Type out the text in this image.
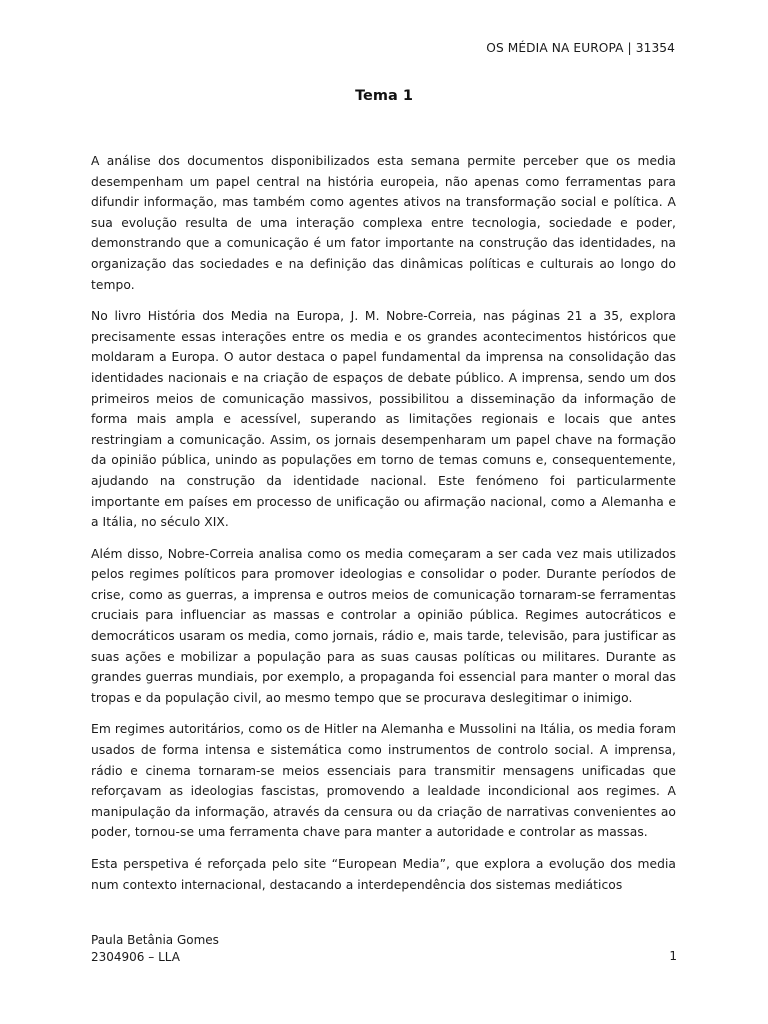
OS MÉDIA NA EUROPA | 31354
Tema 1

A análise dos documentos disponibilizados esta semana permite perceber que os media desempenham um papel central na história europeia, não apenas como ferramentas para difundir informação, mas também como agentes ativos na transformação social e política. A sua evolução resulta de uma interação complexa entre tecnologia, sociedade e poder, demonstrando que a comunicação é um fator importante na construção das identidades, na organização das sociedades e na definição das dinâmicas políticas e culturais ao longo do tempo.

No livro História dos Media na Europa, J. M. Nobre-Correia, nas páginas 21 a 35, explora precisamente essas interações entre os media e os grandes acontecimentos históricos que moldaram a Europa. O autor destaca o papel fundamental da imprensa na consolidação das identidades nacionais e na criação de espaços de debate público. A imprensa, sendo um dos primeiros meios de comunicação massivos, possibilitou a disseminação da informação de forma mais ampla e acessível, superando as limitações regionais e locais que antes restringiam a comunicação. Assim, os jornais desempenharam um papel chave na formação da opinião pública, unindo as populações em torno de temas comuns e, consequentemente, ajudando na construção da identidade nacional. Este fenómeno foi particularmente importante em países em processo de unificação ou afirmação nacional, como a Alemanha e a Itália, no século XIX.

Além disso, Nobre-Correia analisa como os media começaram a ser cada vez mais utilizados pelos regimes políticos para promover ideologias e consolidar o poder. Durante períodos de crise, como as guerras, a imprensa e outros meios de comunicação tornaram-se ferramentas cruciais para influenciar as massas e controlar a opinião pública. Regimes autocráticos e democráticos usaram os media, como jornais, rádio e, mais tarde, televisão, para justificar as suas ações e mobilizar a população para as suas causas políticas ou militares. Durante as grandes guerras mundiais, por exemplo, a propaganda foi essencial para manter o moral das tropas e da população civil, ao mesmo tempo que se procurava deslegitimar o inimigo.

Em regimes autoritários, como os de Hitler na Alemanha e Mussolini na Itália, os media foram usados de forma intensa e sistemática como instrumentos de controlo social. A imprensa, rádio e cinema tornaram-se meios essenciais para transmitir mensagens unificadas que reforçavam as ideologias fascistas, promovendo a lealdade incondicional aos regimes. A manipulação da informação, através da censura ou da criação de narrativas convenientes ao poder, tornou-se uma ferramenta chave para manter a autoridade e controlar as massas.

Esta perspetiva é reforçada pelo site “European Media”, que explora a evolução dos media num contexto internacional, destacando a interdependência dos sistemas mediáticos

Paula Betânia Gomes
2304906 – LLA	1
